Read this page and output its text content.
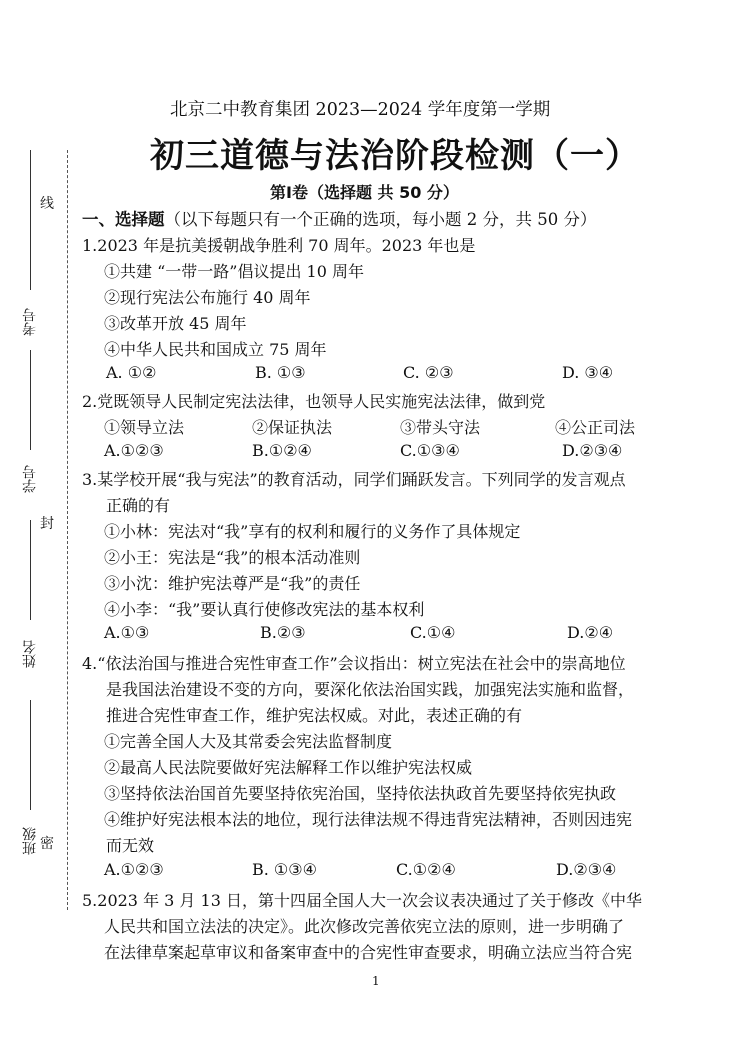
线
封
密
考号
学号
姓名
班级
北京二中教育集团 2023—2024 学年度第一学期
初三道德与法治阶段检测（一）
第Ⅰ卷（选择题 共 50 分）
一、选择题（以下每题只有一个正确的选项，每小题 2 分，共 50 分）
1.2023 年是抗美援朝战争胜利 70 周年。2023 年也是
①共建 “一带一路”倡议提出 10 周年
②现行宪法公布施行 40 周年
③改革开放 45 周年
④中华人民共和国成立 75 周年
A. ①②	B. ①③	C. ②③	D. ③④
2.党既领导人民制定宪法法律，也领导人民实施宪法法律，做到党
①领导立法	②保证执法	③带头守法	④公正司法
A.①②③	B.①②④	C.①③④	D.②③④
3.某学校开展“我与宪法”的教育活动，同学们踊跃发言。下列同学的发言观点
正确的有
①小林：宪法对“我”享有的权利和履行的义务作了具体规定
②小王：宪法是“我”的根本活动准则
③小沈：维护宪法尊严是“我”的责任
④小李：“我”要认真行使修改宪法的基本权利
A.①③	B.②③	C.①④	D.②④
4.“依法治国与推进合宪性审查工作”会议指出：树立宪法在社会中的崇高地位
是我国法治建设不变的方向，要深化依法治国实践，加强宪法实施和监督，
推进合宪性审查工作，维护宪法权威。对此，表述正确的有
①完善全国人大及其常委会宪法监督制度
②最高人民法院要做好宪法解释工作以维护宪法权威
③坚持依法治国首先要坚持依宪治国，坚持依法执政首先要坚持依宪执政
④维护好宪法根本法的地位，现行法律法规不得违背宪法精神，否则因违宪
而无效
A.①②③	B. ①③④	C.①②④	D.②③④
5.2023 年 3 月 13 日，第十四届全国人大一次会议表决通过了关于修改《中华
人民共和国立法法的决定》。此次修改完善依宪立法的原则，进一步明确了
在法律草案起草审议和备案审查中的合宪性审查要求，明确立法应当符合宪
1
